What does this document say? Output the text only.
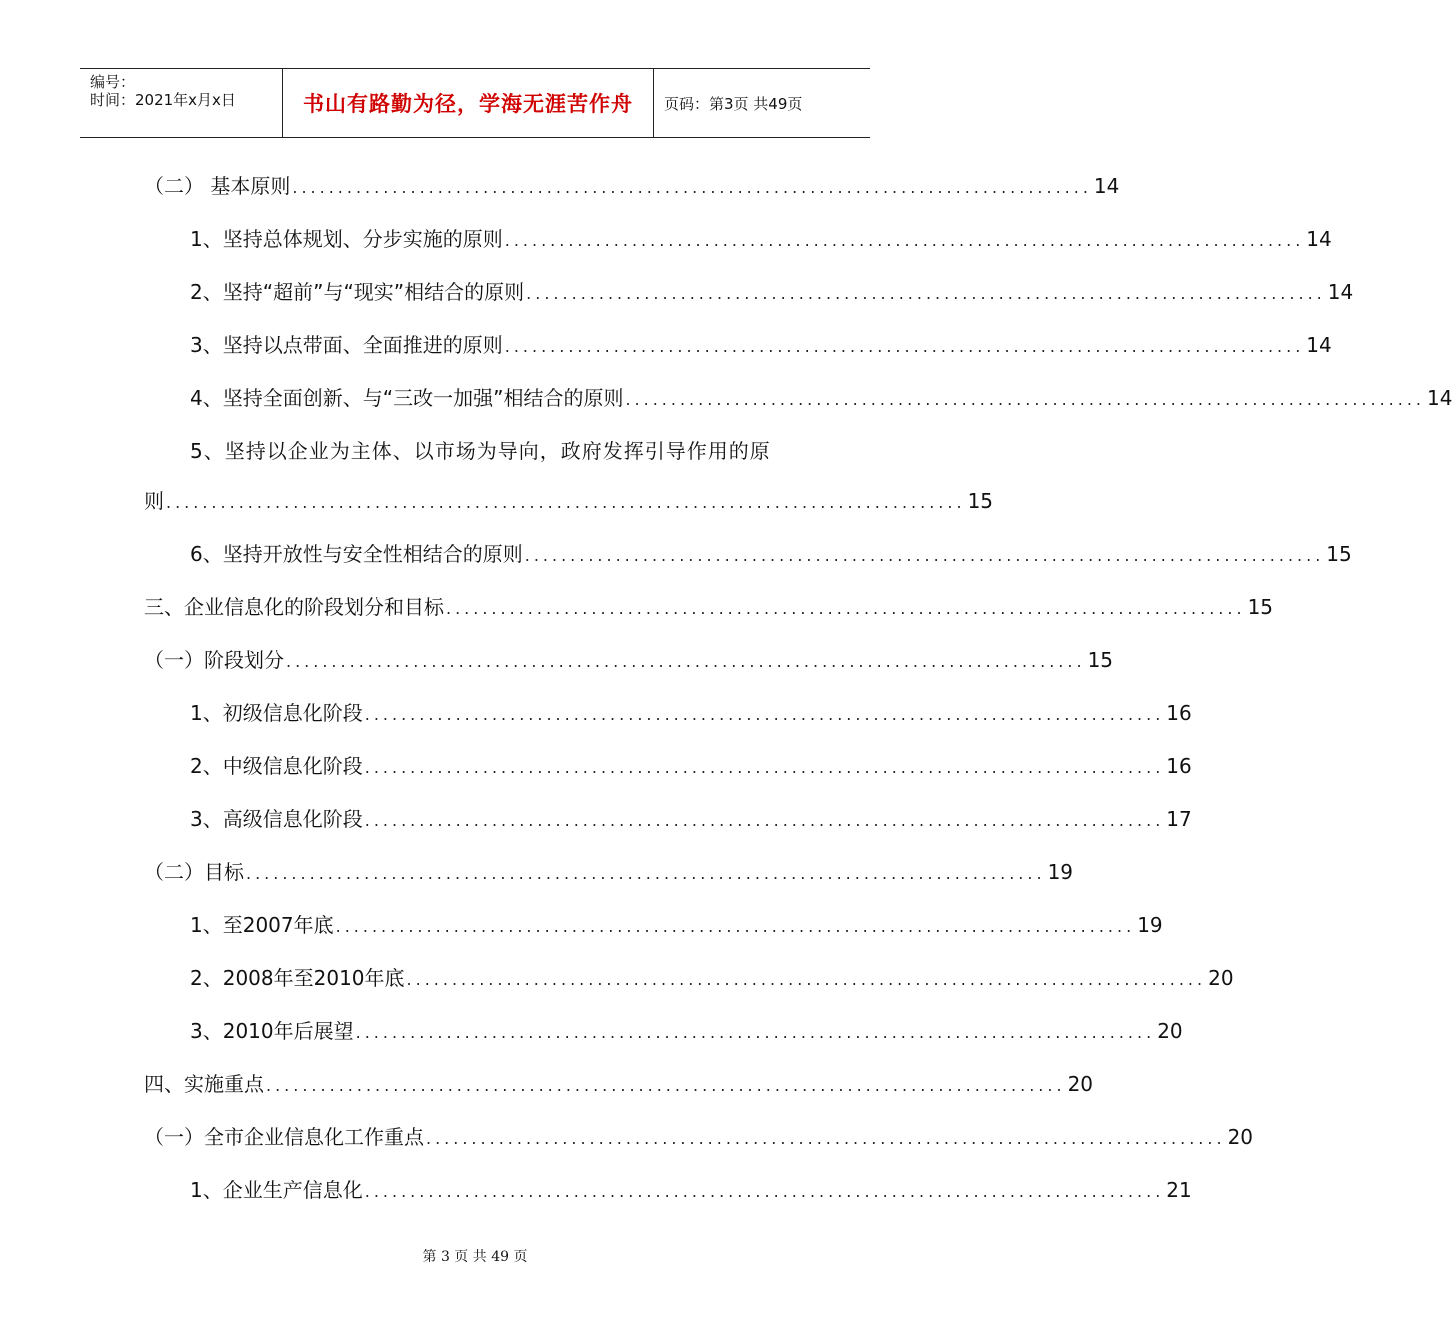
编号：
时间：2021年x月x日	书山有路勤为径，学海无涯苦作舟	页码：第3页 共49页
（二） 基本原则 ........................................................................................ 14
1、坚持总体规划、分步实施的原则 ........................................................................................ 14
2、坚持“超前”与“现实”相结合的原则 ........................................................................................ 14
3、坚持以点带面、全面推进的原则 ........................................................................................ 14
4、坚持全面创新、与“三改一加强”相结合的原则 ........................................................................................ 14
5、坚持以企业为主体、以市场为导向，政府发挥引导作用的原
则 ........................................................................................ 15
6、坚持开放性与安全性相结合的原则 ........................................................................................ 15
三、企业信息化的阶段划分和目标 ........................................................................................ 15
（一）阶段划分 ........................................................................................ 15
1、初级信息化阶段 ........................................................................................ 16
2、中级信息化阶段 ........................................................................................ 16
3、高级信息化阶段 ........................................................................................ 17
（二）目标 ........................................................................................ 19
1、至2007年底 ........................................................................................ 19
2、2008年至2010年底 ........................................................................................ 20
3、2010年后展望 ........................................................................................ 20
四、实施重点 ........................................................................................ 20
（一）全市企业信息化工作重点 ........................................................................................ 20
1、企业生产信息化 ........................................................................................ 21
第 3 页 共 49 页
